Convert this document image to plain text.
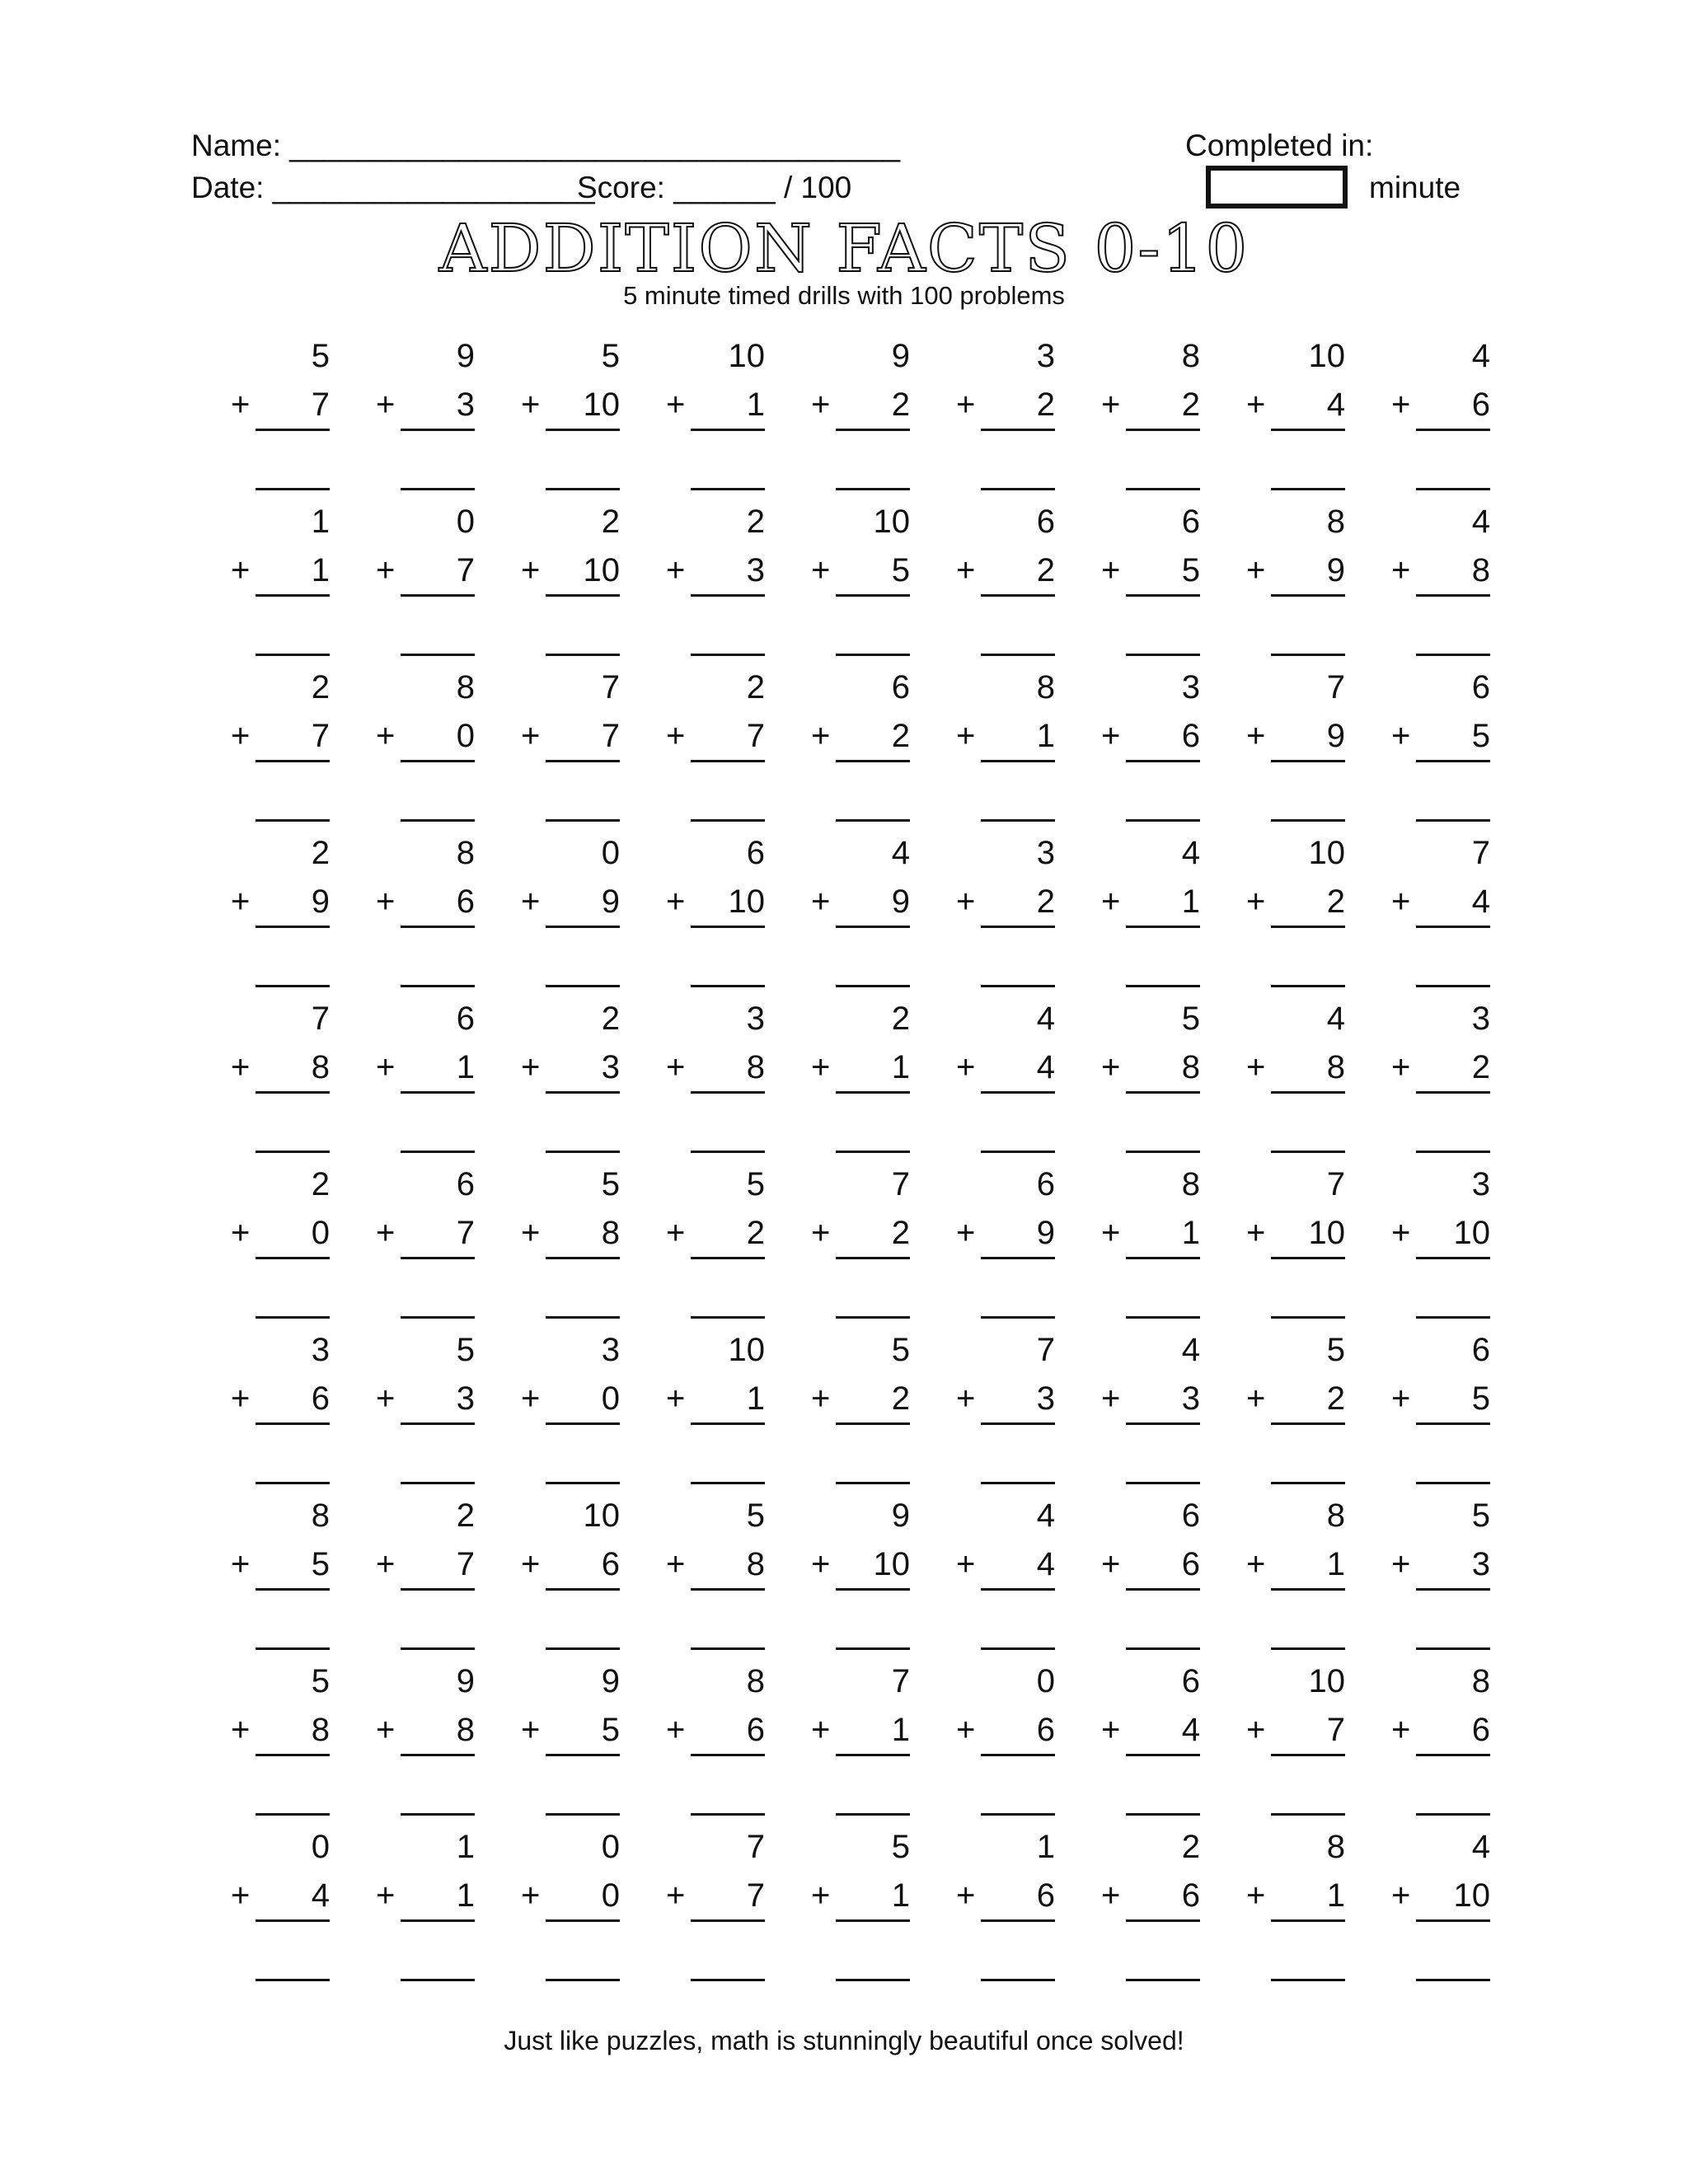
Name: ____________________________________
Date: ___________________
Score: ______ / 100
Completed in:
minute
ADDITION FACTS 0-10
5 minute timed drills with 100 problems
5
+ 7
9
+ 3
5
+ 10
10
+ 1
9
+ 2
3
+ 2
8
+ 2
10
+ 4
4
+ 6
1
+ 1
0
+ 7
2
+ 10
2
+ 3
10
+ 5
6
+ 2
6
+ 5
8
+ 9
4
+ 8
2
+ 7
8
+ 0
7
+ 7
2
+ 7
6
+ 2
8
+ 1
3
+ 6
7
+ 9
6
+ 5
2
+ 9
8
+ 6
0
+ 9
6
+ 10
4
+ 9
3
+ 2
4
+ 1
10
+ 2
7
+ 4
7
+ 8
6
+ 1
2
+ 3
3
+ 8
2
+ 1
4
+ 4
5
+ 8
4
+ 8
3
+ 2
2
+ 0
6
+ 7
5
+ 8
5
+ 2
7
+ 2
6
+ 9
8
+ 1
7
+ 10
3
+ 10
3
+ 6
5
+ 3
3
+ 0
10
+ 1
5
+ 2
7
+ 3
4
+ 3
5
+ 2
6
+ 5
8
+ 5
2
+ 7
10
+ 6
5
+ 8
9
+ 10
4
+ 4
6
+ 6
8
+ 1
5
+ 3
5
+ 8
9
+ 8
9
+ 5
8
+ 6
7
+ 1
0
+ 6
6
+ 4
10
+ 7
8
+ 6
0
+ 4
1
+ 1
0
+ 0
7
+ 7
5
+ 1
1
+ 6
2
+ 6
8
+ 1
4
+ 10
Just like puzzles, math is stunningly beautiful once solved!
